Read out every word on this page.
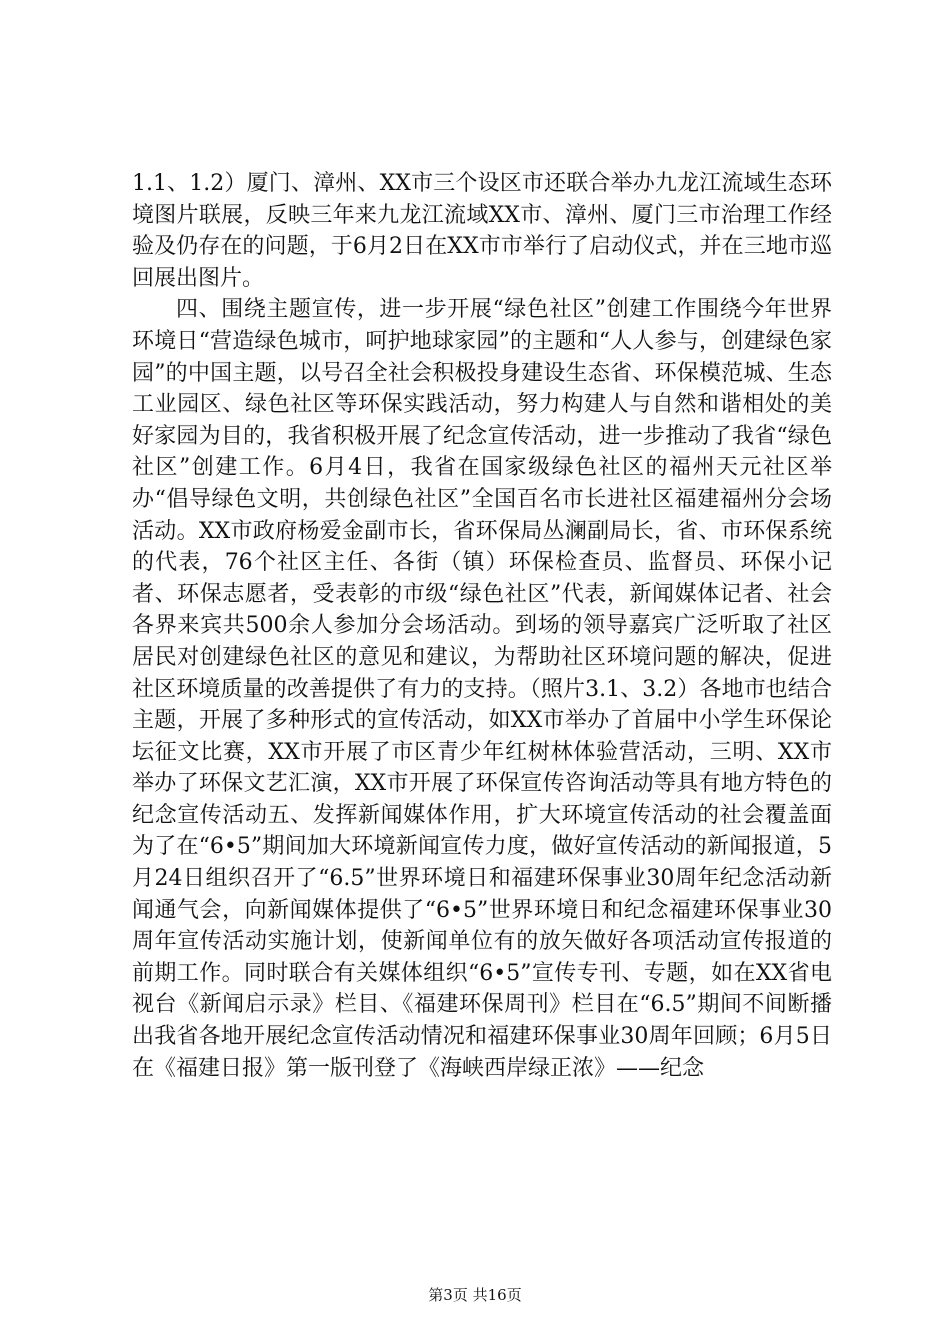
1.1、1.2）厦门、漳州、XX市三个设区市还联合举办九龙江流域生态环境图片联展，反映三年来九龙江流域XX市、漳州、厦门三市治理工作经验及仍存在的问题，于6月2日在XX市市举行了启动仪式，并在三地市巡回展出图片。

四、围绕主题宣传，进一步开展“绿色社区”创建工作围绕今年世界环境日“营造绿色城市，呵护地球家园”的主题和“人人参与，创建绿色家园”的中国主题，以号召全社会积极投身建设生态省、环保模范城、生态工业园区、绿色社区等环保实践活动，努力构建人与自然和谐相处的美好家园为目的，我省积极开展了纪念宣传活动，进一步推动了我省“绿色社区”创建工作。6月4日，我省在国家级绿色社区的福州天元社区举办“倡导绿色文明，共创绿色社区”全国百名市长进社区福建福州分会场活动。XX市政府杨爱金副市长，省环保局丛澜副局长，省、市环保系统的代表，76个社区主任、各街（镇）环保检查员、监督员、环保小记者、环保志愿者，受表彰的市级“绿色社区”代表，新闻媒体记者、社会各界来宾共500余人参加分会场活动。到场的领导嘉宾广泛听取了社区居民对创建绿色社区的意见和建议，为帮助社区环境问题的解决，促进社区环境质量的改善提供了有力的支持。（照片3.1、3.2）各地市也结合主题，开展了多种形式的宣传活动，如XX市举办了首届中小学生环保论坛征文比赛，XX市开展了市区青少年红树林体验营活动，三明、XX市举办了环保文艺汇演，XX市开展了环保宣传咨询活动等具有地方特色的纪念宣传活动五、发挥新闻媒体作用，扩大环境宣传活动的社会覆盖面为了在“6•5”期间加大环境新闻宣传力度，做好宣传活动的新闻报道，5月24日组织召开了“6.5”世界环境日和福建环保事业30周年纪念活动新闻通气会，向新闻媒体提供了“6•5”世界环境日和纪念福建环保事业30周年宣传活动实施计划，使新闻单位有的放矢做好各项活动宣传报道的前期工作。同时联合有关媒体组织“6•5”宣传专刊、专题，如在XX省电视台《新闻启示录》栏目、《福建环保周刊》栏目在“6.5”期间不间断播出我省各地开展纪念宣传活动情况和福建环保事业30周年回顾；6月5日在《福建日报》第一版刊登了《海峡西岸绿正浓》——纪念

第3页 共16页
